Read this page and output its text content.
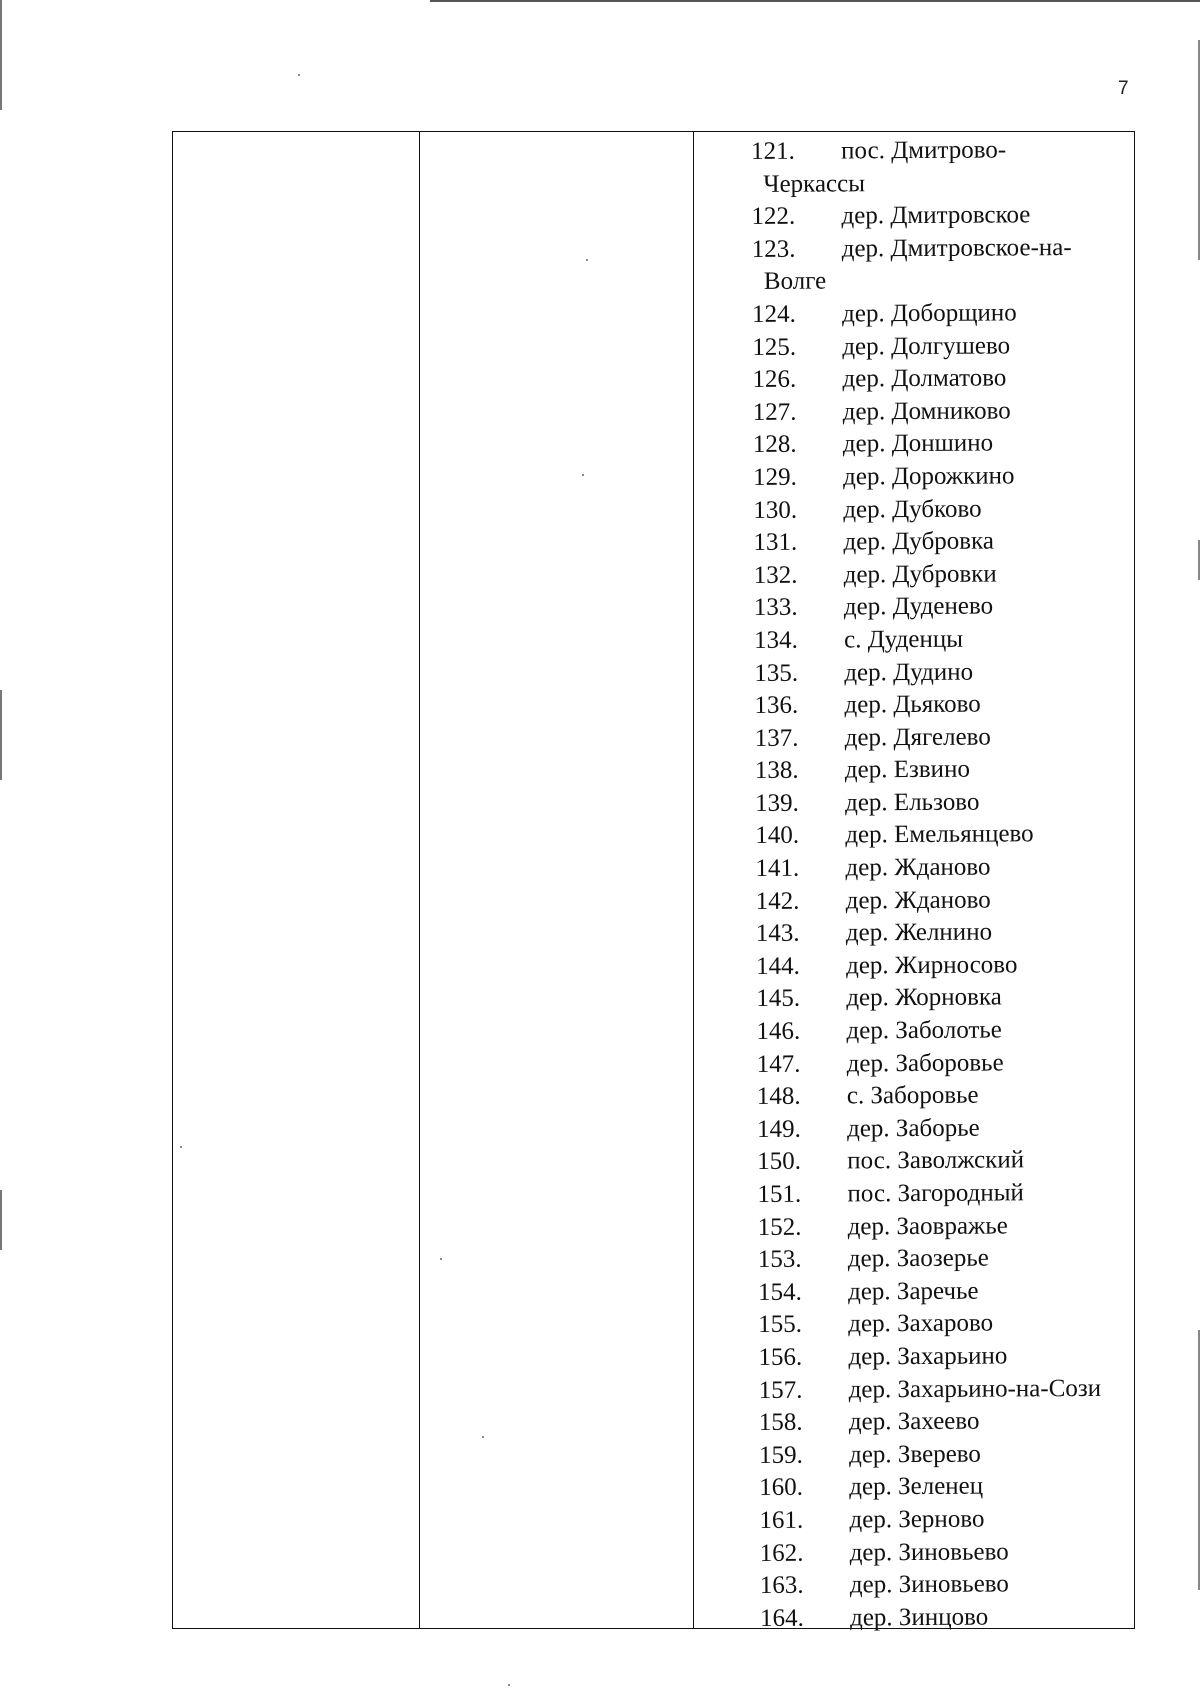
7
121. пос. Дмитрово-
Черкассы
122. дер. Дмитровское
123. дер. Дмитровское-на-
Волге
124. дер. Доборщино
125. дер. Долгушево
126. дер. Долматово
127. дер. Домниково
128. дер. Доншино
129. дер. Дорожкино
130. дер. Дубково
131. дер. Дубровка
132. дер. Дубровки
133. дер. Дуденево
134. с. Дуденцы
135. дер. Дудино
136. дер. Дьяково
137. дер. Дягелево
138. дер. Езвино
139. дер. Ельзово
140. дер. Емельянцево
141. дер. Жданово
142. дер. Жданово
143. дер. Желнино
144. дер. Жирносово
145. дер. Жорновка
146. дер. Заболотье
147. дер. Заборовье
148. с. Заборовье
149. дер. Заборье
150. пос. Заволжский
151. пос. Загородный
152. дер. Заовражье
153. дер. Заозерье
154. дер. Заречье
155. дер. Захарово
156. дер. Захарьино
157. дер. Захарьино-на-Сози
158. дер. Захеево
159. дер. Зверево
160. дер. Зеленец
161. дер. Зерново
162. дер. Зиновьево
163. дер. Зиновьево
164. дер. Зинцово
